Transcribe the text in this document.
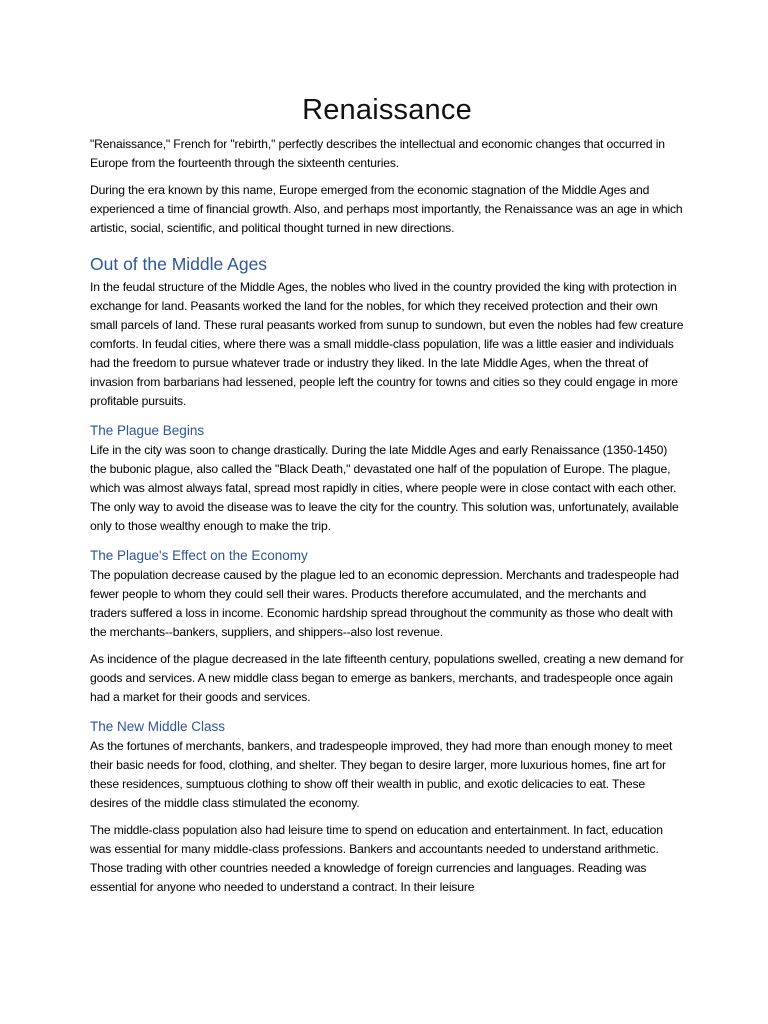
Renaissance

"Renaissance," French for "rebirth," perfectly describes the intellectual and economic changes that occurred in Europe from the fourteenth through the sixteenth centuries.

During the era known by this name, Europe emerged from the economic stagnation of the Middle Ages and experienced a time of financial growth. Also, and perhaps most importantly, the Renaissance was an age in which artistic, social, scientific, and political thought turned in new directions.

Out of the Middle Ages

In the feudal structure of the Middle Ages, the nobles who lived in the country provided the king with protection in exchange for land. Peasants worked the land for the nobles, for which they received protection and their own small parcels of land. These rural peasants worked from sunup to sundown, but even the nobles had few creature comforts. In feudal cities, where there was a small middle-class population, life was a little easier and individuals had the freedom to pursue whatever trade or industry they liked. In the late Middle Ages, when the threat of invasion from barbarians had lessened, people left the country for towns and cities so they could engage in more profitable pursuits.

The Plague Begins

Life in the city was soon to change drastically. During the late Middle Ages and early Renaissance (1350-1450) the bubonic plague, also called the "Black Death," devastated one half of the population of Europe. The plague, which was almost always fatal, spread most rapidly in cities, where people were in close contact with each other. The only way to avoid the disease was to leave the city for the country. This solution was, unfortunately, available only to those wealthy enough to make the trip.

The Plague's Effect on the Economy

The population decrease caused by the plague led to an economic depression. Merchants and tradespeople had fewer people to whom they could sell their wares. Products therefore accumulated, and the merchants and traders suffered a loss in income. Economic hardship spread throughout the community as those who dealt with the merchants--bankers, suppliers, and shippers--also lost revenue.

As incidence of the plague decreased in the late fifteenth century, populations swelled, creating a new demand for goods and services. A new middle class began to emerge as bankers, merchants, and tradespeople once again had a market for their goods and services.

The New Middle Class

As the fortunes of merchants, bankers, and tradespeople improved, they had more than enough money to meet their basic needs for food, clothing, and shelter. They began to desire larger, more luxurious homes, fine art for these residences, sumptuous clothing to show off their wealth in public, and exotic delicacies to eat. These desires of the middle class stimulated the economy.

The middle-class population also had leisure time to spend on education and entertainment. In fact, education was essential for many middle-class professions. Bankers and accountants needed to understand arithmetic. Those trading with other countries needed a knowledge of foreign currencies and languages. Reading was essential for anyone who needed to understand a contract. In their leisure
